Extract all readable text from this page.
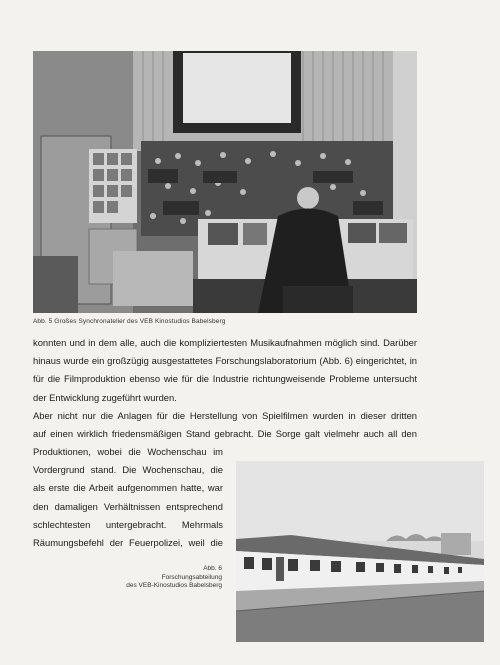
Abb. 5 Großes Synchronatelier des VEB Kinostudios Babelsberg
konnten und in dem alle, auch die kompliziertesten Musikaufnahmen möglich sind. Darüber
hinaus wurde ein großzügig ausgestattetes Forschungslaboratorium (Abb. 6) eingerichtet, in
für die Filmproduktion ebenso wie für die Industrie richtungweisende Probleme untersucht
der Entwicklung zugeführt wurden.
Aber nicht nur die Anlagen für die Herstellung von Spielfilmen wurden in dieser dritten
auf einen wirklich friedensmäßigen Stand gebracht. Die Sorge galt vielmehr auch all den
Produktionen, wobei die Wochenschau im
Vordergrund stand. Die Wochenschau, die
als erste die Arbeit aufgenommen hatte, war
den damaligen Verhältnissen entsprechend
schlechtesten untergebracht. Mehrmals
Räumungsbefehl der Feuerpolizei, weil die
Abb. 6
Forschungsabteilung
des VEB-Kinostudios Babelsberg
